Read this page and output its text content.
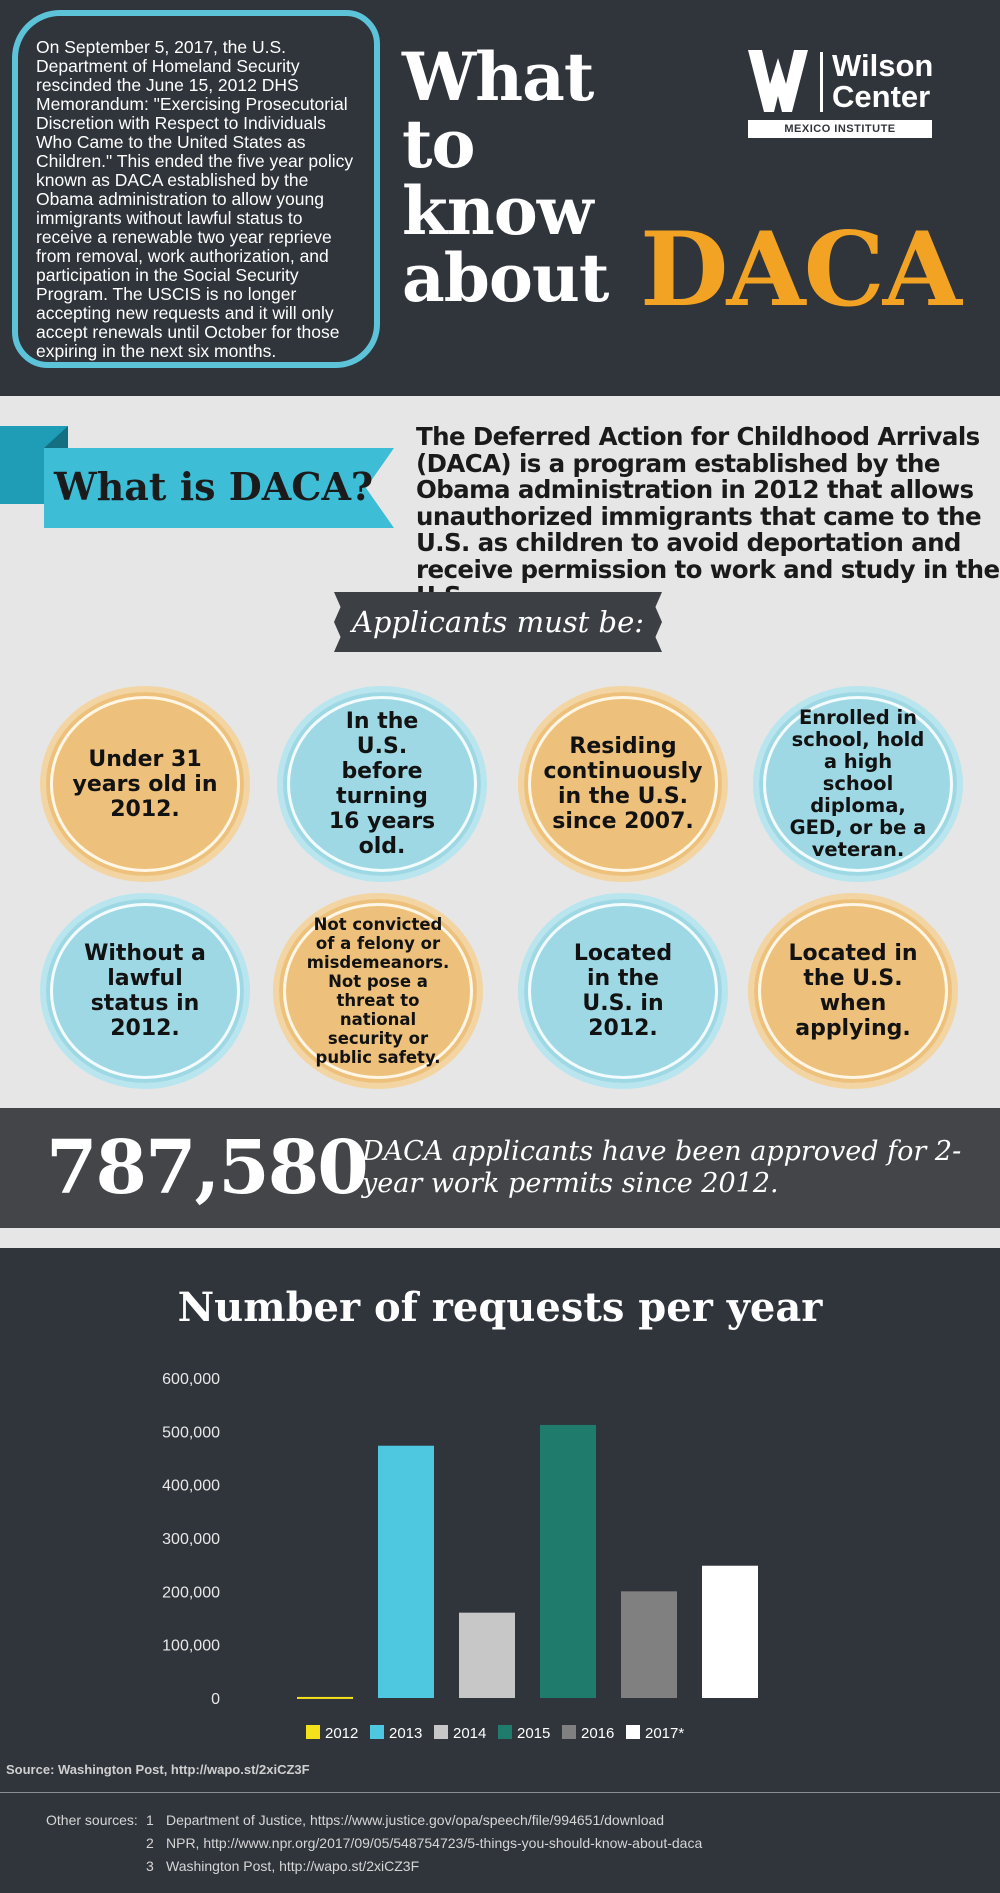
On September 5, 2017, the U.S. Department of Homeland Security rescinded the June 15, 2012 DHS Memorandum: "Exercising Prosecutorial Discretion with Respect to Individuals Who Came to the United States as Children." This ended the five year policy known as DACA established by the Obama administration to allow young immigrants without lawful status to receive a renewable two year reprieve from removal, work authorization, and participation in the Social Security Program. The USCIS is no longer accepting new requests and it will only accept renewals until October for those expiring in the next six months.
What
to
know
about DACA
Wilson
Center
MEXICO INSTITUTE
What is DACA?
The Deferred Action for Childhood Arrivals (DACA) is a program established by the Obama administration in 2012 that allows unauthorized immigrants that came to the U.S. as children to avoid deportation and receive permission to work and study in the
Applicants must be:
Under 31 years old in 2012.
In the U.S. before turning 16 years old.
Residing continuously in the U.S. since 2007.
Enrolled in school, hold a high school diploma, GED, or be a veteran.
Without a lawful status in 2012.
Not convicted of a felony or misdemeanors. Not pose a threat to national security or public safety.
Located in the U.S. in 2012.
Located in the U.S. when applying.
787,580
DACA applicants have been approved for 2-year work permits since 2012.
Number of requests per year
0
100,000
200,000
300,000
400,000
500,000
600,000
2012 2013 2014 2015 2016 2017*
Source: Washington Post, http://wapo.st/2xiCZ3F
Other sources: 1 Department of Justice, https://www.justice.gov/opa/speech/file/994651/download
2 NPR, http://www.npr.org/2017/09/05/548754723/5-things-you-should-know-about-daca
3 Washington Post, http://wapo.st/2xiCZ3F
